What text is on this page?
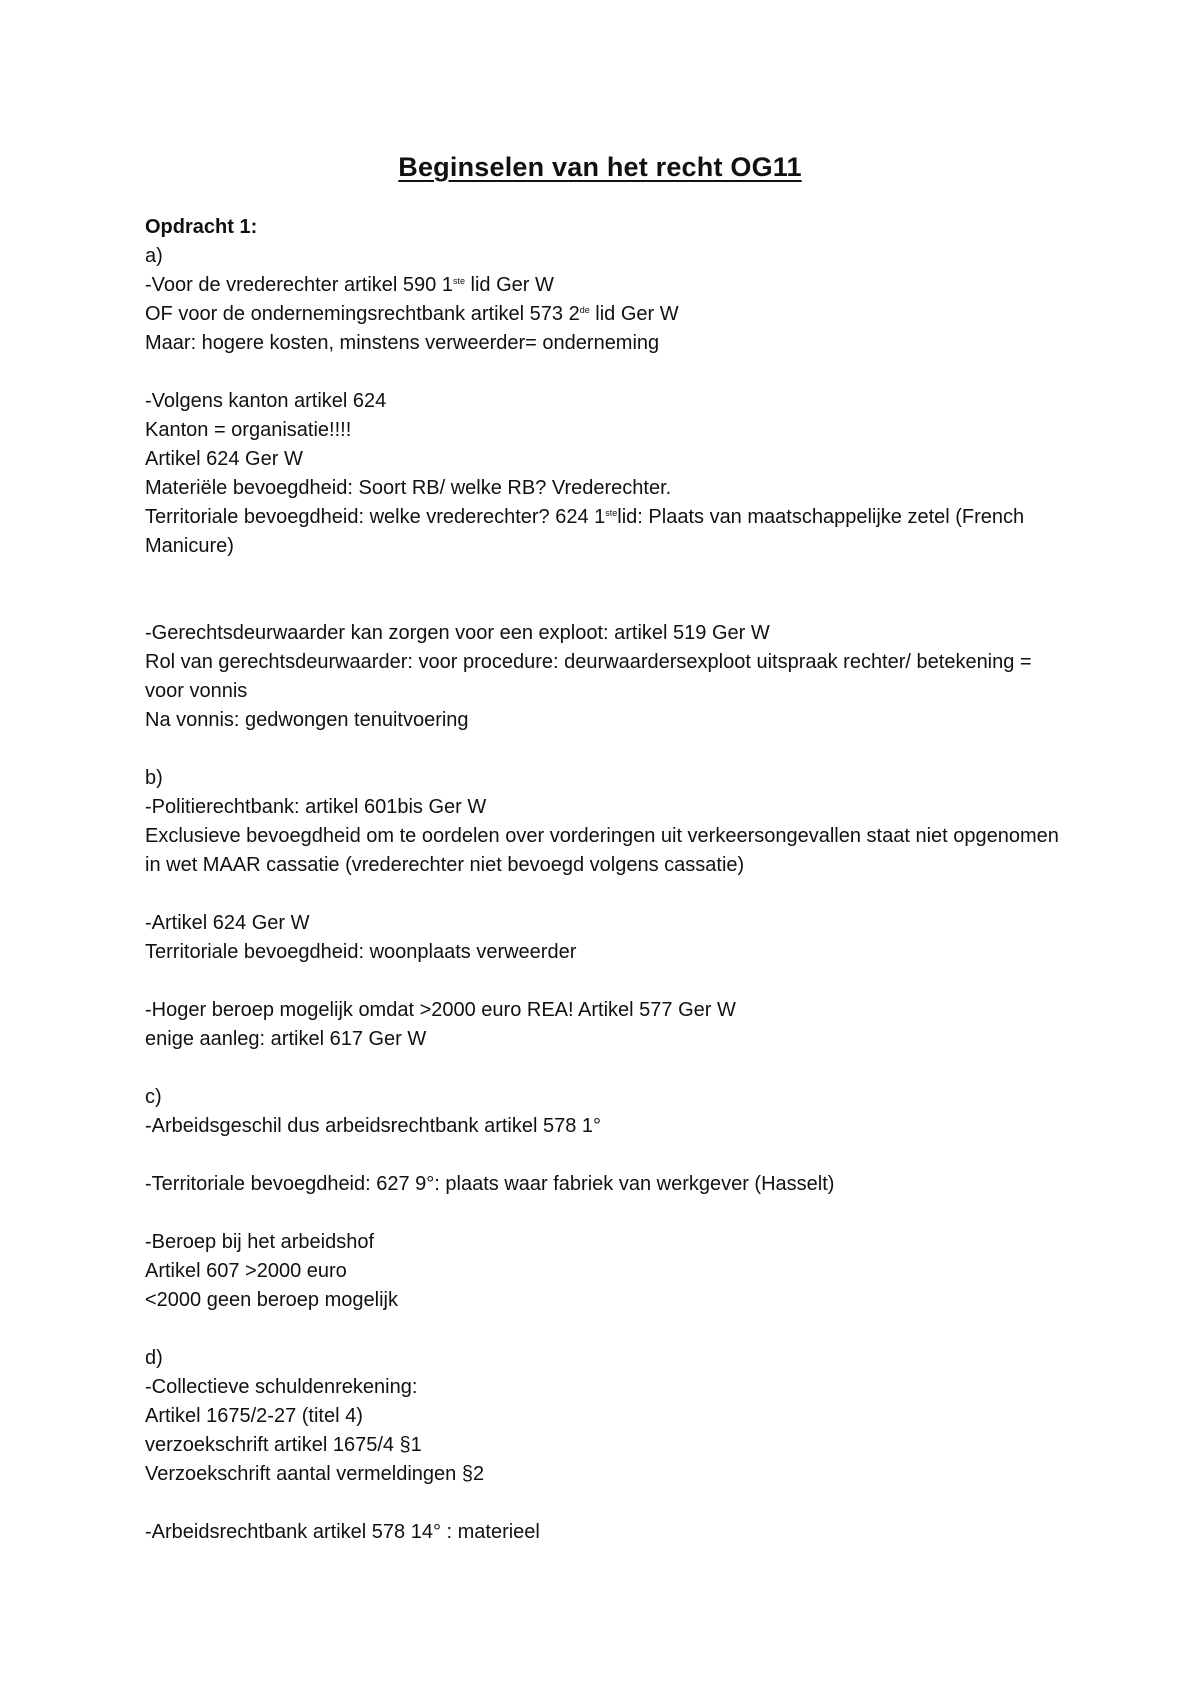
Beginselen van het recht OG11
Opdracht 1:
a)
-Voor de vrederechter artikel 590 1ste lid Ger W
OF voor de ondernemingsrechtbank artikel 573 2de lid Ger W
Maar: hogere kosten, minstens verweerder= onderneming
-Volgens kanton artikel 624
Kanton = organisatie!!!!
Artikel 624 Ger W
Materiële bevoegdheid: Soort RB/ welke RB? Vrederechter.
Territoriale bevoegdheid: welke vrederechter? 624 1stelid: Plaats van maatschappelijke zetel (French Manicure)
-Gerechtsdeurwaarder kan zorgen voor een exploot: artikel 519 Ger W
Rol van gerechtsdeurwaarder: voor procedure: deurwaardersexploot uitspraak rechter/ betekening = voor vonnis
Na vonnis: gedwongen tenuitvoering
b)
-Politierechtbank: artikel 601bis Ger W
Exclusieve bevoegdheid om te oordelen over vorderingen uit verkeersongevallen staat niet opgenomen in wet MAAR cassatie (vrederechter niet bevoegd volgens cassatie)
-Artikel 624 Ger W
Territoriale bevoegdheid: woonplaats verweerder
-Hoger beroep mogelijk omdat >2000 euro REA! Artikel 577 Ger W
enige aanleg: artikel 617 Ger W
c)
-Arbeidsgeschil dus arbeidsrechtbank artikel 578 1°
-Territoriale bevoegdheid: 627 9°: plaats waar fabriek van werkgever (Hasselt)
-Beroep bij het arbeidshof
Artikel 607 >2000 euro
<2000 geen beroep mogelijk
d)
-Collectieve schuldenrekening:
Artikel 1675/2-27 (titel 4)
verzoekschrift artikel 1675/4 §1
Verzoekschrift aantal vermeldingen §2
-Arbeidsrechtbank artikel 578 14° : materieel
